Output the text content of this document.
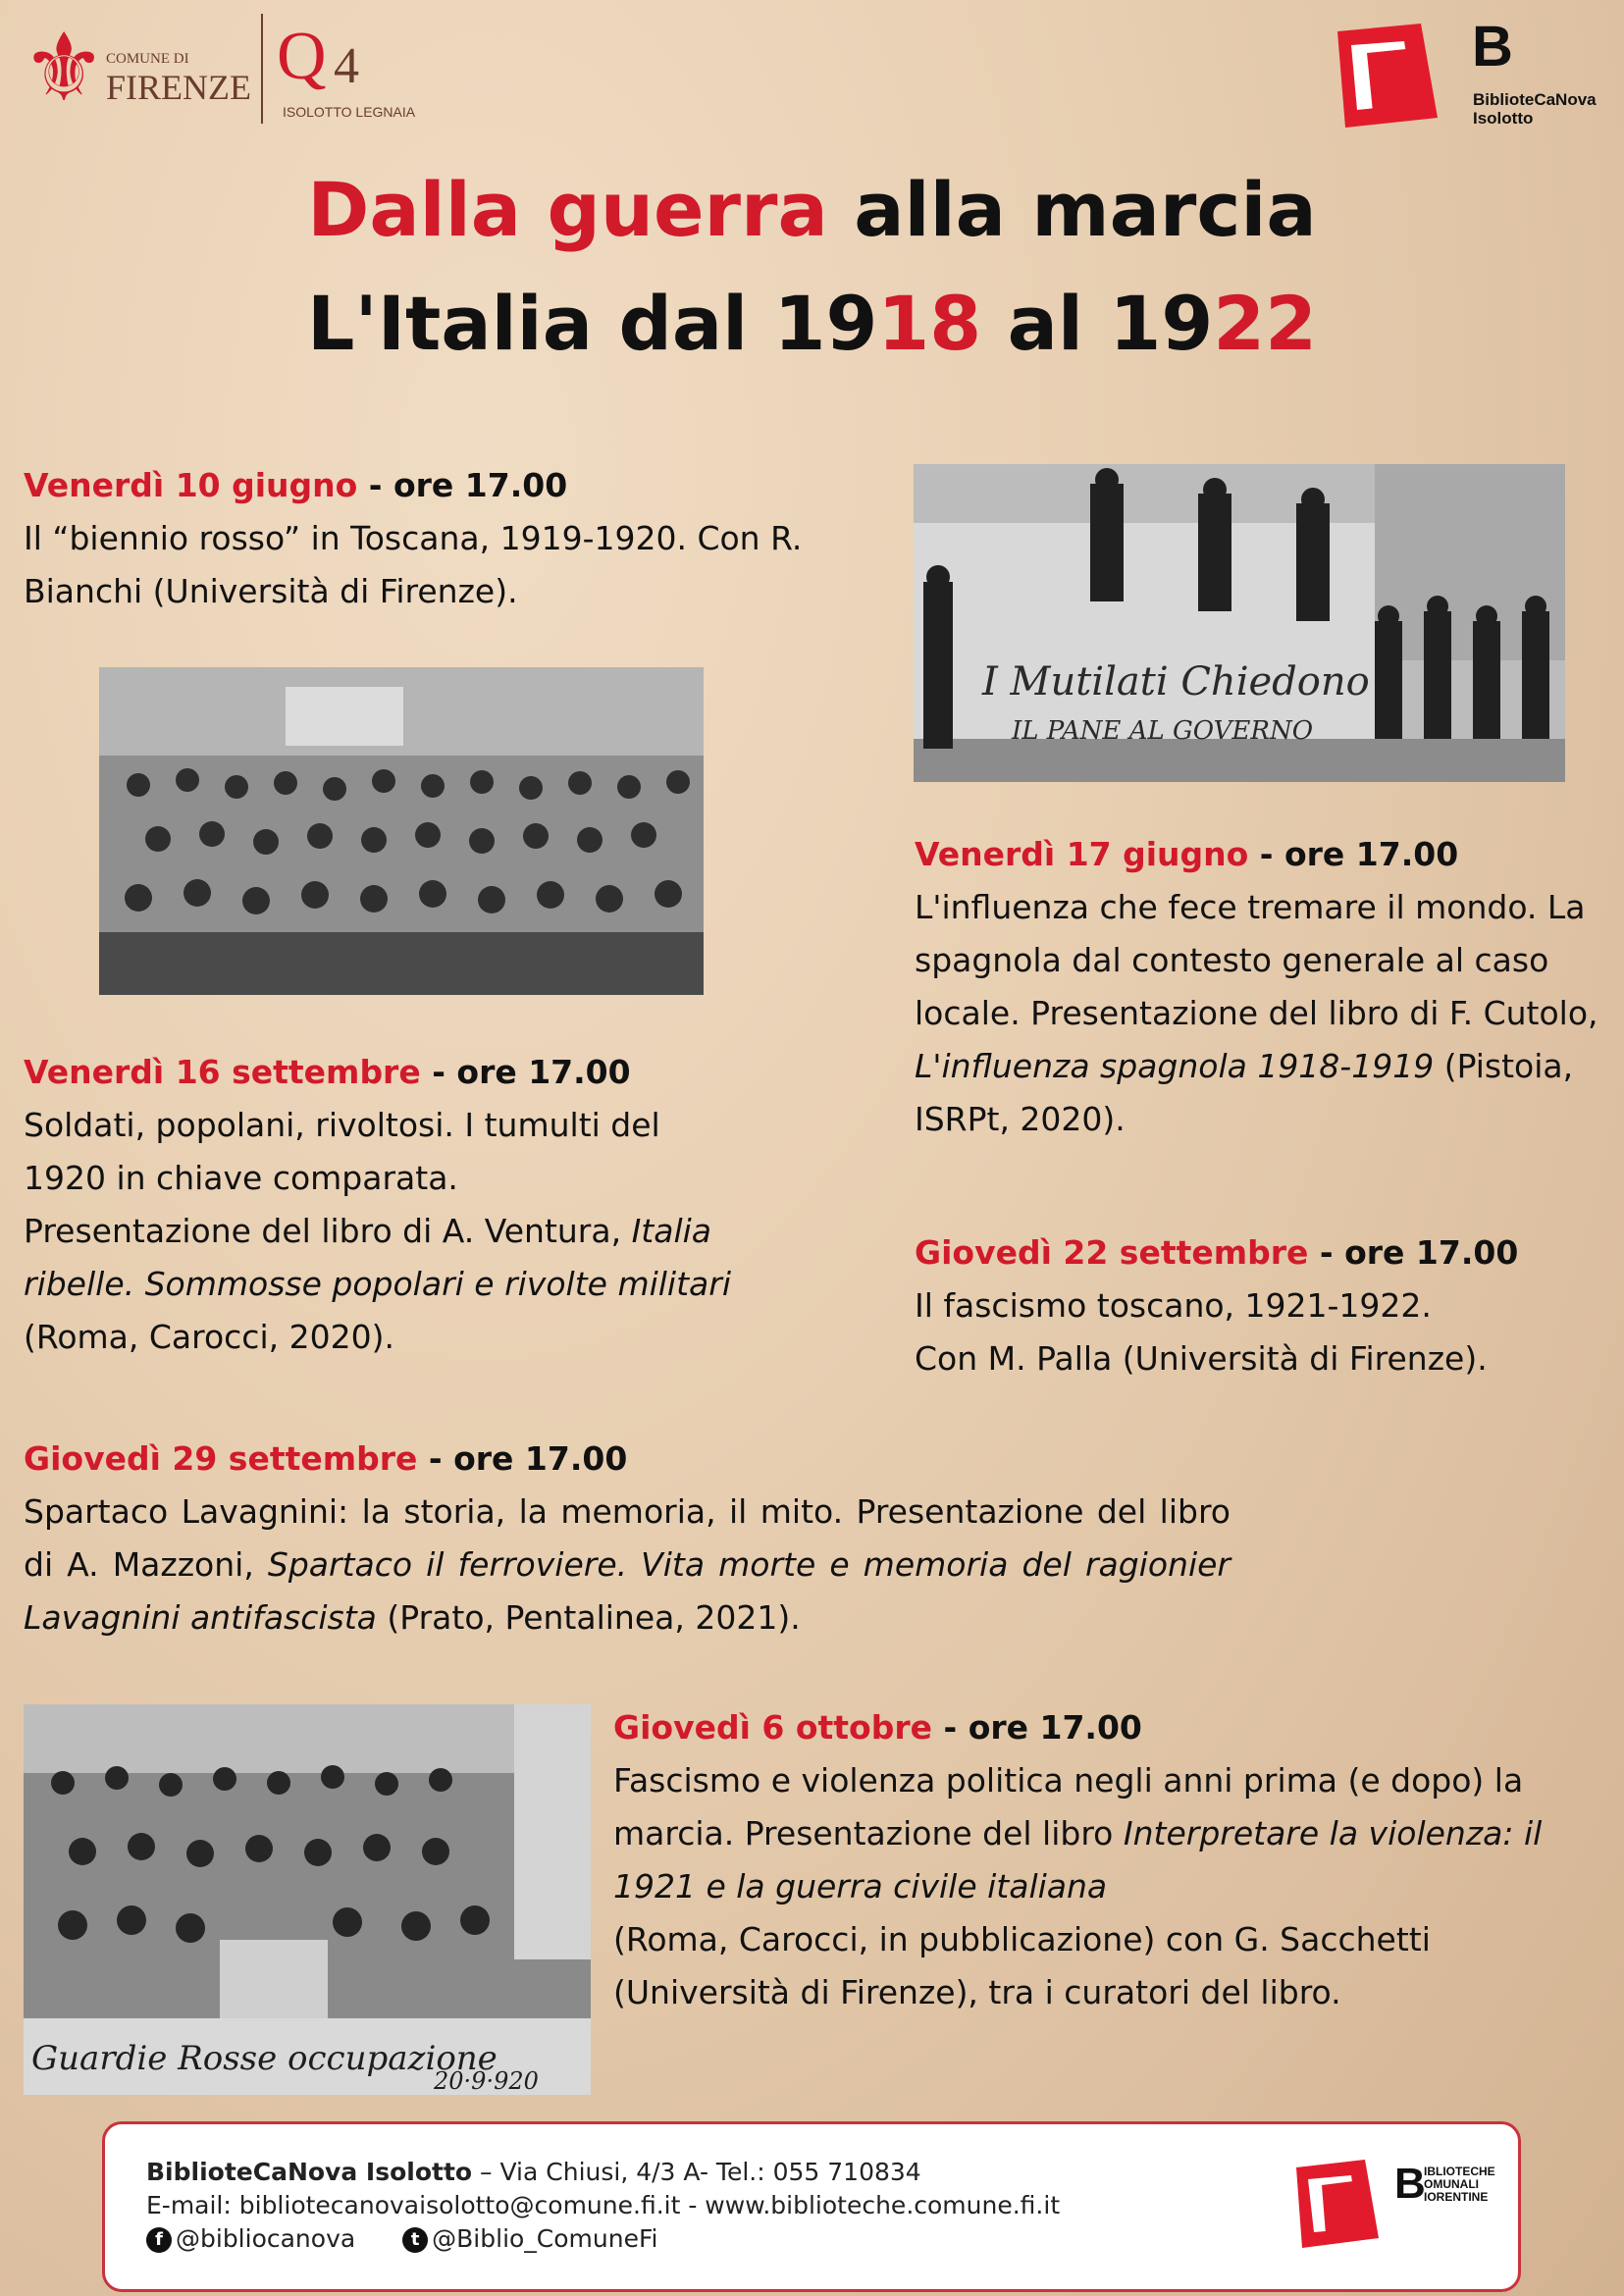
⚜ COMUNE DI
FIRENZE Q 4
ISOLOTTO LEGNAIA
B
BiblioteCaNova
Isolotto
Dalla guerra alla marcia
L'Italia dal 1918 al 1922

Venerdì 10 giugno - ore 17.00

Il “biennio rosso” in Toscana, 1919-1920. Con R. Bianchi (Università di Firenze).

I Mutilati Chiedono
IL PANE AL GOVERNO

Venerdì 17 giugno - ore 17.00

L'influenza che fece tremare il mondo. La spagnola dal contesto generale al caso locale. Presentazione del libro di F. Cutolo, L'influenza spagnola 1918-1919 (Pistoia, ISRPt, 2020).

Venerdì 16 settembre - ore 17.00

Soldati, popolani, rivoltosi. I tumulti del 1920 in chiave comparata.

Presentazione del libro di A. Ventura, Italia ribelle. Sommosse popolari e rivolte militari (Roma, Carocci, 2020).

Giovedì 22 settembre - ore 17.00

Il fascismo toscano, 1921-1922.

Con M. Palla (Università di Firenze).

Giovedì 29 settembre - ore 17.00

Spartaco Lavagnini: la storia, la memoria, il mito. Presentazione del libro di A. Mazzoni, Spartaco il ferroviere. Vita morte e memoria del ragionier Lavagnini antifascista (Prato, Pentalinea, 2021).

Guardie Rosse occupazione
20·9·920

Giovedì 6 ottobre - ore 17.00

Fascismo e violenza politica negli anni prima (e dopo) la marcia. Presentazione del libro Interpretare la violenza: il 1921 e la guerra civile italiana

(Roma, Carocci, in pubblicazione) con G. Sacchetti (Università di Firenze), tra i curatori del libro.

BiblioteCaNova Isolotto – Via Chiusi, 4/3 A- Tel.: 055 710834
E-mail: bibliotecanovaisolotto@comune.fi.it - www.biblioteche.comune.fi.it
f @bibliocanova	t @Biblio_ComuneFi
B
IBLIOTECHE
OMUNALI
IORENTINE
